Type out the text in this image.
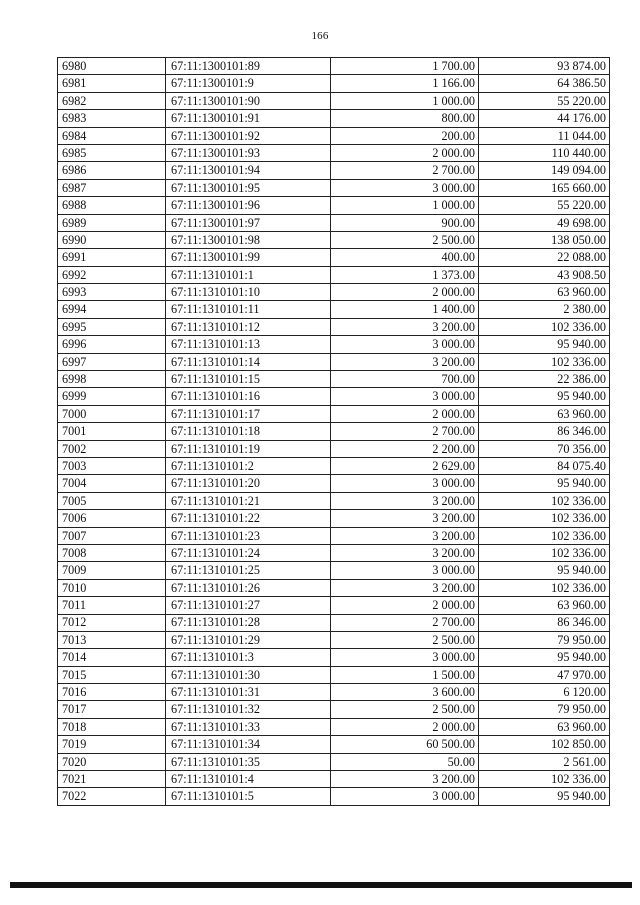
166
6980	67:11:1300101:89	1 700.00	93 874.00
6981	67:11:1300101:9	1 166.00	64 386.50
6982	67:11:1300101:90	1 000.00	55 220.00
6983	67:11:1300101:91	800.00	44 176.00
6984	67:11:1300101:92	200.00	11 044.00
6985	67:11:1300101:93	2 000.00	110 440.00
6986	67:11:1300101:94	2 700.00	149 094.00
6987	67:11:1300101:95	3 000.00	165 660.00
6988	67:11:1300101:96	1 000.00	55 220.00
6989	67:11:1300101:97	900.00	49 698.00
6990	67:11:1300101:98	2 500.00	138 050.00
6991	67:11:1300101:99	400.00	22 088.00
6992	67:11:1310101:1	1 373.00	43 908.50
6993	67:11:1310101:10	2 000.00	63 960.00
6994	67:11:1310101:11	1 400.00	2 380.00
6995	67:11:1310101:12	3 200.00	102 336.00
6996	67:11:1310101:13	3 000.00	95 940.00
6997	67:11:1310101:14	3 200.00	102 336.00
6998	67:11:1310101:15	700.00	22 386.00
6999	67:11:1310101:16	3 000.00	95 940.00
7000	67:11:1310101:17	2 000.00	63 960.00
7001	67:11:1310101:18	2 700.00	86 346.00
7002	67:11:1310101:19	2 200.00	70 356.00
7003	67:11:1310101:2	2 629.00	84 075.40
7004	67:11:1310101:20	3 000.00	95 940.00
7005	67:11:1310101:21	3 200.00	102 336.00
7006	67:11:1310101:22	3 200.00	102 336.00
7007	67:11:1310101:23	3 200.00	102 336.00
7008	67:11:1310101:24	3 200.00	102 336.00
7009	67:11:1310101:25	3 000.00	95 940.00
7010	67:11:1310101:26	3 200.00	102 336.00
7011	67:11:1310101:27	2 000.00	63 960.00
7012	67:11:1310101:28	2 700.00	86 346.00
7013	67:11:1310101:29	2 500.00	79 950.00
7014	67:11:1310101:3	3 000.00	95 940.00
7015	67:11:1310101:30	1 500.00	47 970.00
7016	67:11:1310101:31	3 600.00	6 120.00
7017	67:11:1310101:32	2 500.00	79 950.00
7018	67:11:1310101:33	2 000.00	63 960.00
7019	67:11:1310101:34	60 500.00	102 850.00
7020	67:11:1310101:35	50.00	2 561.00
7021	67:11:1310101:4	3 200.00	102 336.00
7022	67:11:1310101:5	3 000.00	95 940.00
